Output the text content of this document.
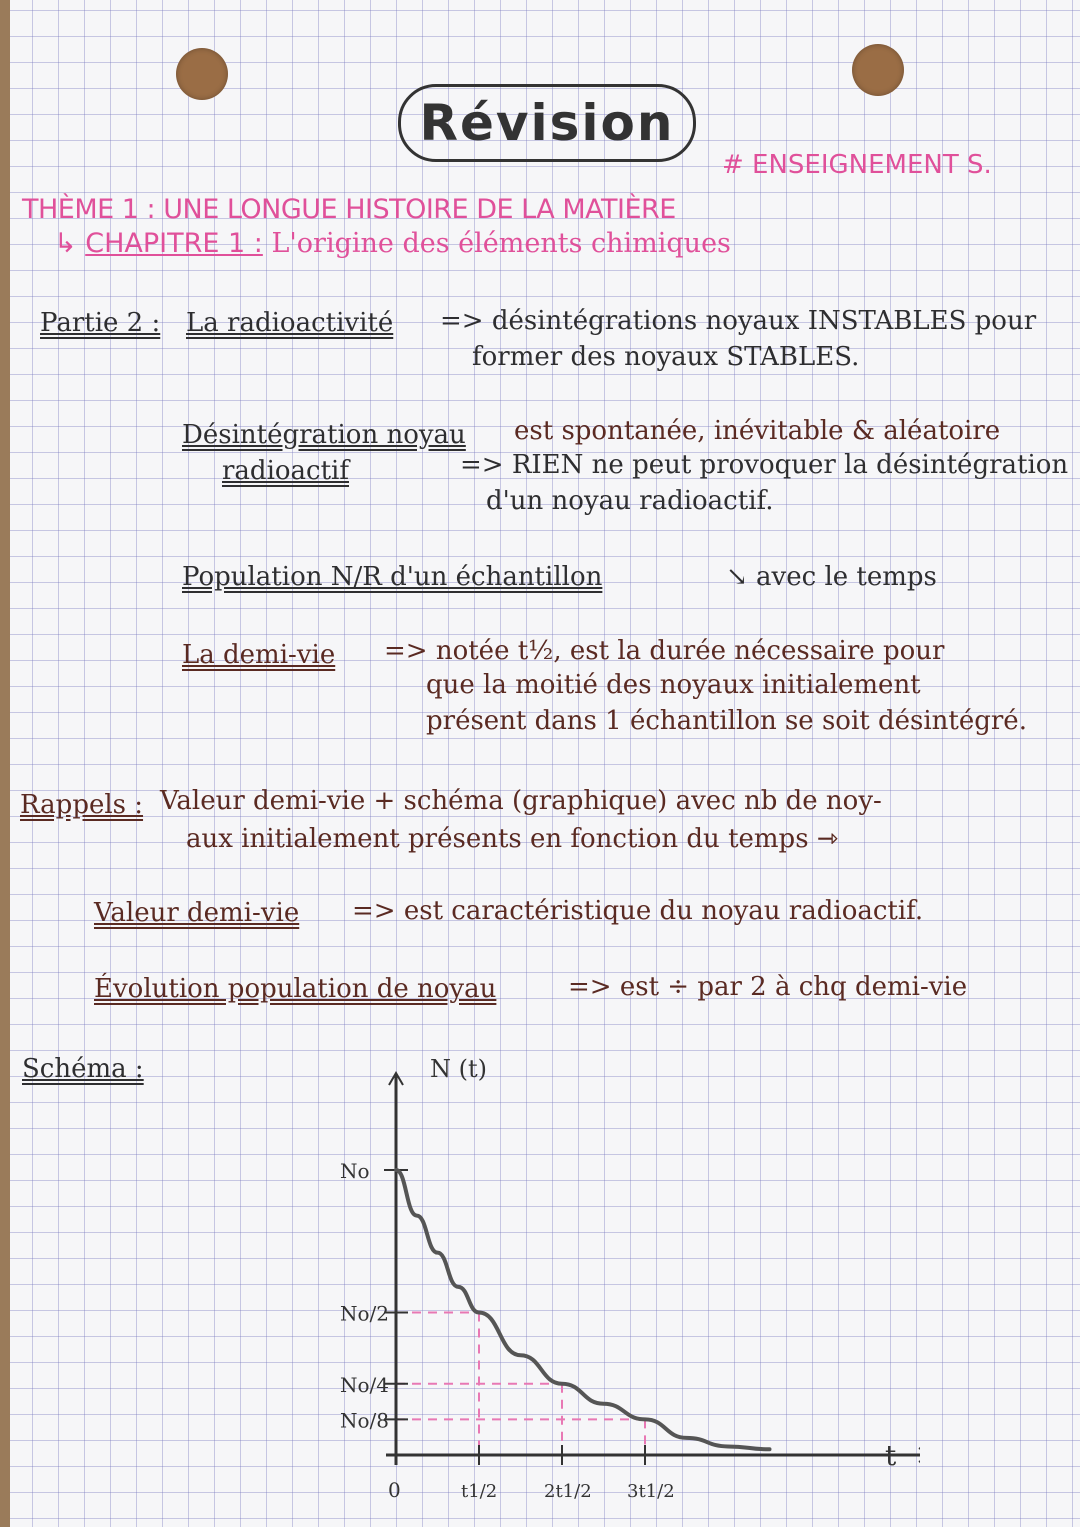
Révision
# ENSEIGNEMENT S.
THÈME 1 : UNE LONGUE HISTOIRE DE LA MATIÈRE
↳ CHAPITRE 1 : L'origine des éléments chimiques
Partie 2 : La radioactivité => désintégrations noyaux INSTABLES pour
former des noyaux STABLES.
Désintégration noyau
radioactif
est spontanée, inévitable & aléatoire
=> RIEN ne peut provoquer la désintégration
d'un noyau radioactif.
Population N/R d'un échantillon	↘ avec le temps
La demi-vie => notée t½, est la durée nécessaire pour
que la moitié des noyaux initialement
présent dans 1 échantillon se soit désintégré.
Rappels : Valeur demi-vie + schéma (graphique) avec nb de noy-
aux initialement présents en fonction du temps ⇾
Valeur demi-vie => est caractéristique du noyau radioactif.
Évolution population de noyau	=> est ÷ par 2 à chq demi-vie
Schéma :
No
No/2
No/4
No/8
t1/2	2t1/2 3t1/2
N (t)
t
0
